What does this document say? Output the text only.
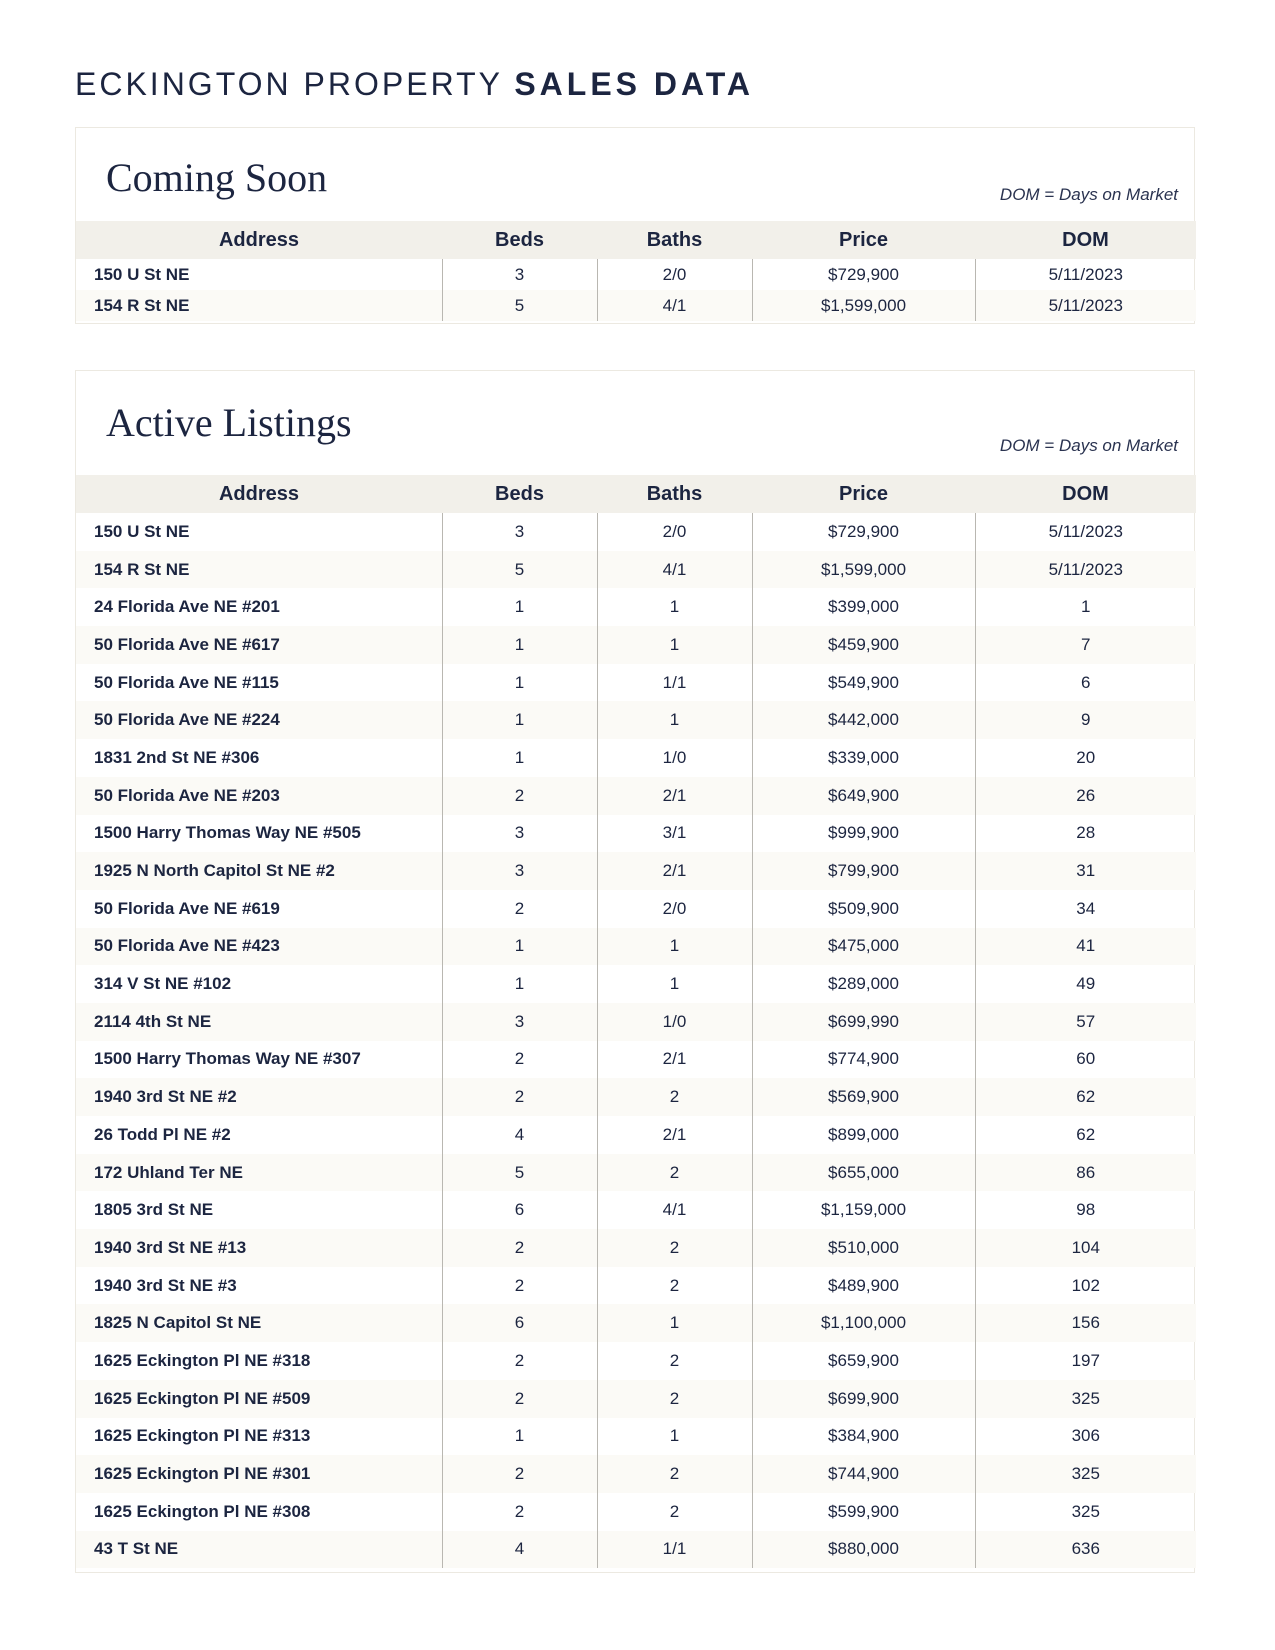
ECKINGTON PROPERTY SALES DATA
Coming Soon	DOM = Days on Market
Address	Beds	Baths	Price	DOM
150 U St NE	3	2/0	$729,900	5/11/2023
154 R St NE	5	4/1	$1,599,000	5/11/2023
Active Listings
DOM = Days on Market
Address	Beds	Baths	Price	DOM
150 U St NE	3	2/0	$729,900	5/11/2023
154 R St NE	5	4/1	$1,599,000	5/11/2023
24 Florida Ave NE #201	1	1	$399,000	1
50 Florida Ave NE #617	1	1	$459,900	7
50 Florida Ave NE #115	1	1/1	$549,900	6
50 Florida Ave NE #224	1	1	$442,000	9
1831 2nd St NE #306	1	1/0	$339,000	20
50 Florida Ave NE #203	2	2/1	$649,900	26
1500 Harry Thomas Way NE #505	3	3/1	$999,900	28
1925 N North Capitol St NE #2	3	2/1	$799,900	31
50 Florida Ave NE #619	2	2/0	$509,900	34
50 Florida Ave NE #423	1	1	$475,000	41
314 V St NE #102	1	1	$289,000	49
2114 4th St NE	3	1/0	$699,990	57
1500 Harry Thomas Way NE #307	2	2/1	$774,900	60
1940 3rd St NE #2	2	2	$569,900	62
26 Todd Pl NE #2	4	2/1	$899,000	62
172 Uhland Ter NE	5	2	$655,000	86
1805 3rd St NE	6	4/1	$1,159,000	98
1940 3rd St NE #13	2	2	$510,000	104
1940 3rd St NE #3	2	2	$489,900	102
1825 N Capitol St NE	6	1	$1,100,000	156
1625 Eckington Pl NE #318	2	2	$659,900	197
1625 Eckington Pl NE #509	2	2	$699,900	325
1625 Eckington Pl NE #313	1	1	$384,900	306
1625 Eckington Pl NE #301	2	2	$744,900	325
1625 Eckington Pl NE #308	2	2	$599,900	325
43 T St NE	4	1/1	$880,000	636
